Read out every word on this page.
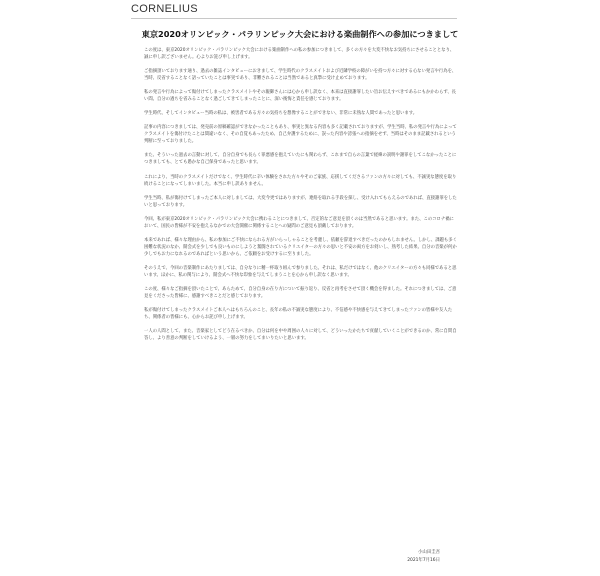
CORNELIUS
東京2020オリンピック・パラリンピック大会における楽曲制作への参加につきまして

この度は、東京2020オリンピック・パラリンピック大会における楽曲制作への私の参加につきまして、多くの方々を大変不快なお気持ちにさせることとなり、誠に申し訳ございません。心よりお詫び申し上げます。

ご指摘頂いております通り、過去の雑誌インタビューにおきまして、学生時代のクラスメイトおよび近隣学校の障がいを持つ方々に対する心ない発言や行為を、当時、反省することなく語っていたことは事実であり、非難されることは当然であると真摯に受け止めております。

私の発言や行為によって傷付けてしまったクラスメイトやその親御さんには心から申し訳なく、本来は直接謝罪したい旨お伝えすべきであるにもかかわらず、長い間、自分の過ちを省みることなく過ごしてきてしまったことに、深い後悔と責任を感じております。

学生時代、そしてインタビュー当時の私は、被害者である方々の気持ちを想像することができない、非常に未熟な人間であったと思います。

記事の内容につきましては、発売前の原稿確認ができなかったこともあり、事実と異なる内容も多く記載されておりますが、学生当時、私の発言や行為によってクラスメイトを傷付けたことは間違いなく、その自覚もあったため、自己弁護するために、誤った内容や誇張への指摘をせず、当時はそのまま記載されるという判断に至っておりました。

また、そういった過去の言動に対して、自分自身でも長らく罪悪感を抱えていたにも関わらず、これまで自らの言葉で経緯の説明や謝罪をしてこなかったことにつきましても、とても愚かな自己保身であったと思います。

これにより、当時のクラスメイトだけでなく、学生時代に辛い体験をされた方々やそのご家族、応援してくださるファンの方々に対しても、不誠実な態度を取り続けることになってしまいました。本当に申し訳ありません。

学生当時、私が傷付けてしまったご本人に対しましては、大変今更ではありますが、連絡を取れる手段を探し、受け入れてもらえるのであれば、直接謝罪をしたいと思っております。

今回、私が東京2020オリンピック・パラリンピック大会に携わることにつきまして、否定的なご意見を頂くのは当然であると思います。また、このコロナ禍において、国民の皆様が不安を抱えるなかでの大会開催に関係することへの疑問のご意見も頂戴しております。

本来であれば、様々な理由から、私の参加にご不快になられる方がいらっしゃることを考慮し、依頼を辞退すべきだったのかもしれません。しかし、課題も多く困難な状況のなか、開会式を少しでも良いものにしようと奮闘されているクリエイターの方々の思いと不安の両方をお伺いし、熟考した結果、自分の音楽が何か少しでもお力になれるのであればという思いから、ご依頼をお受けするに至りました。

そのうえで、今回の音楽制作にあたりましては、自分なりに精一杯取り組んで参りました。それは、私だけではなく、他のクリエイターの方々も同様であると思います。ほかに、私の関与により、開会式へ不快な印象を与えてしまうことを心から申し訳なく思います。

この度、様々なご指摘を頂いたことで、あらためて、自分自身の在り方について振り返り、反省と再考をさせて頂く機会を得ました。それにつきましては、ご意見をくださった皆様に、感謝すべきことだと感じております。

私が傷付けてしまったクラスメイトご本人へはもちろんのこと、長年の私の不誠実な態度により、不信感や不快感を与えてきてしまったファンの皆様や友人たち、関係者の皆様にも、心からお詫び申し上げます。

一人の人間として、また、音楽家としてどう在るべきか、自分は何を中や周囲の人々に対して、どういったかたちで貢献していくことができるのか、常に自問自答し、より善意の判断をしていけるよう、一層の努力をしてまいりたいと思います。

小山田圭吾
2021年7月16日
